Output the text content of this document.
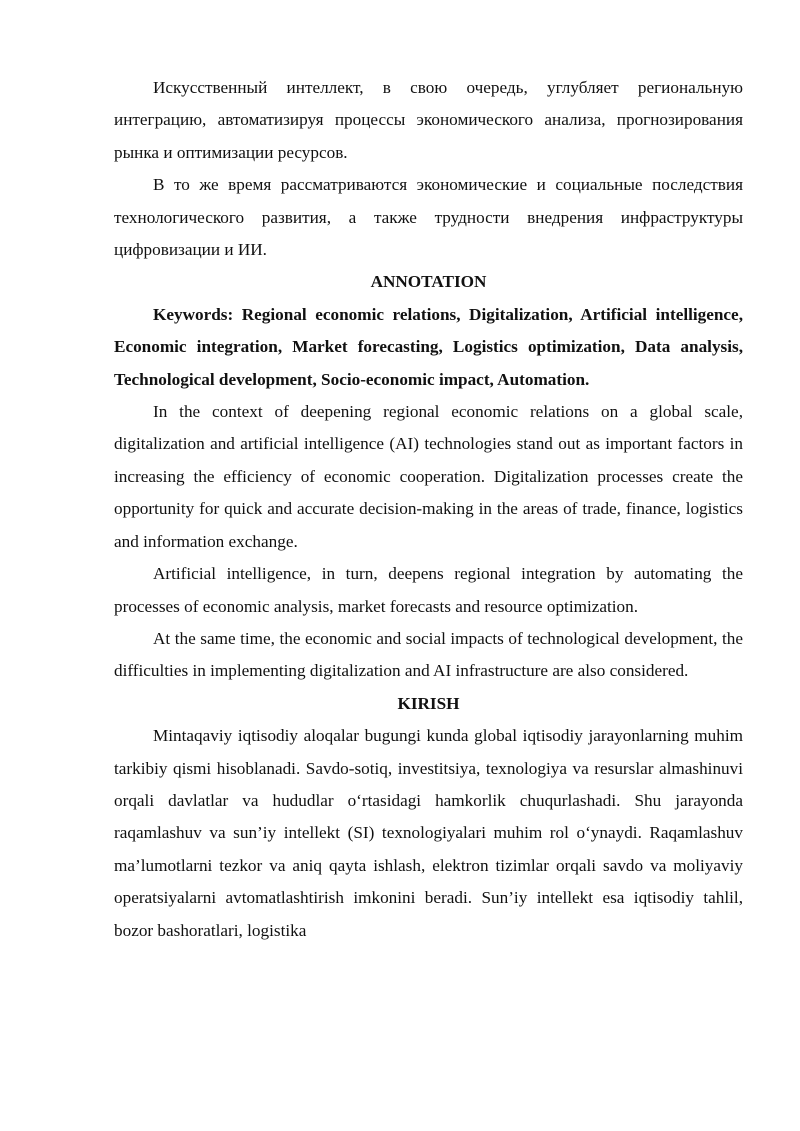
Искусственный интеллект, в свою очередь, углубляет региональную интеграцию, автоматизируя процессы экономического анализа, прогнозирования рынка и оптимизации ресурсов.

В то же время рассматриваются экономические и социальные последствия технологического развития, а также трудности внедрения инфраструктуры цифровизации и ИИ.

ANNOTATION

Keywords: Regional economic relations, Digitalization, Artificial intelligence, Economic integration, Market forecasting, Logistics optimization, Data analysis, Technological development, Socio-economic impact, Automation.

In the context of deepening regional economic relations on a global scale, digitalization and artificial intelligence (AI) technologies stand out as important factors in increasing the efficiency of economic cooperation. Digitalization processes create the opportunity for quick and accurate decision-making in the areas of trade, finance, logistics and information exchange.

Artificial intelligence, in turn, deepens regional integration by automating the processes of economic analysis, market forecasts and resource optimization.

At the same time, the economic and social impacts of technological development, the difficulties in implementing digitalization and AI infrastructure are also considered.

KIRISH

Mintaqaviy iqtisodiy aloqalar bugungi kunda global iqtisodiy jarayonlarning muhim tarkibiy qismi hisoblanadi. Savdo-sotiq, investitsiya, texnologiya va resurslar almashinuvi orqali davlatlar va hududlar oʻrtasidagi hamkorlik chuqurlashadi. Shu jarayonda raqamlashuv va sun’iy intellekt (SI) texnologiyalari muhim rol oʻynaydi. Raqamlashuv ma’lumotlarni tezkor va aniq qayta ishlash, elektron tizimlar orqali savdo va moliyaviy operatsiyalarni avtomatlashtirish imkonini beradi. Sun’iy intellekt esa iqtisodiy tahlil, bozor bashoratlari, logistika
